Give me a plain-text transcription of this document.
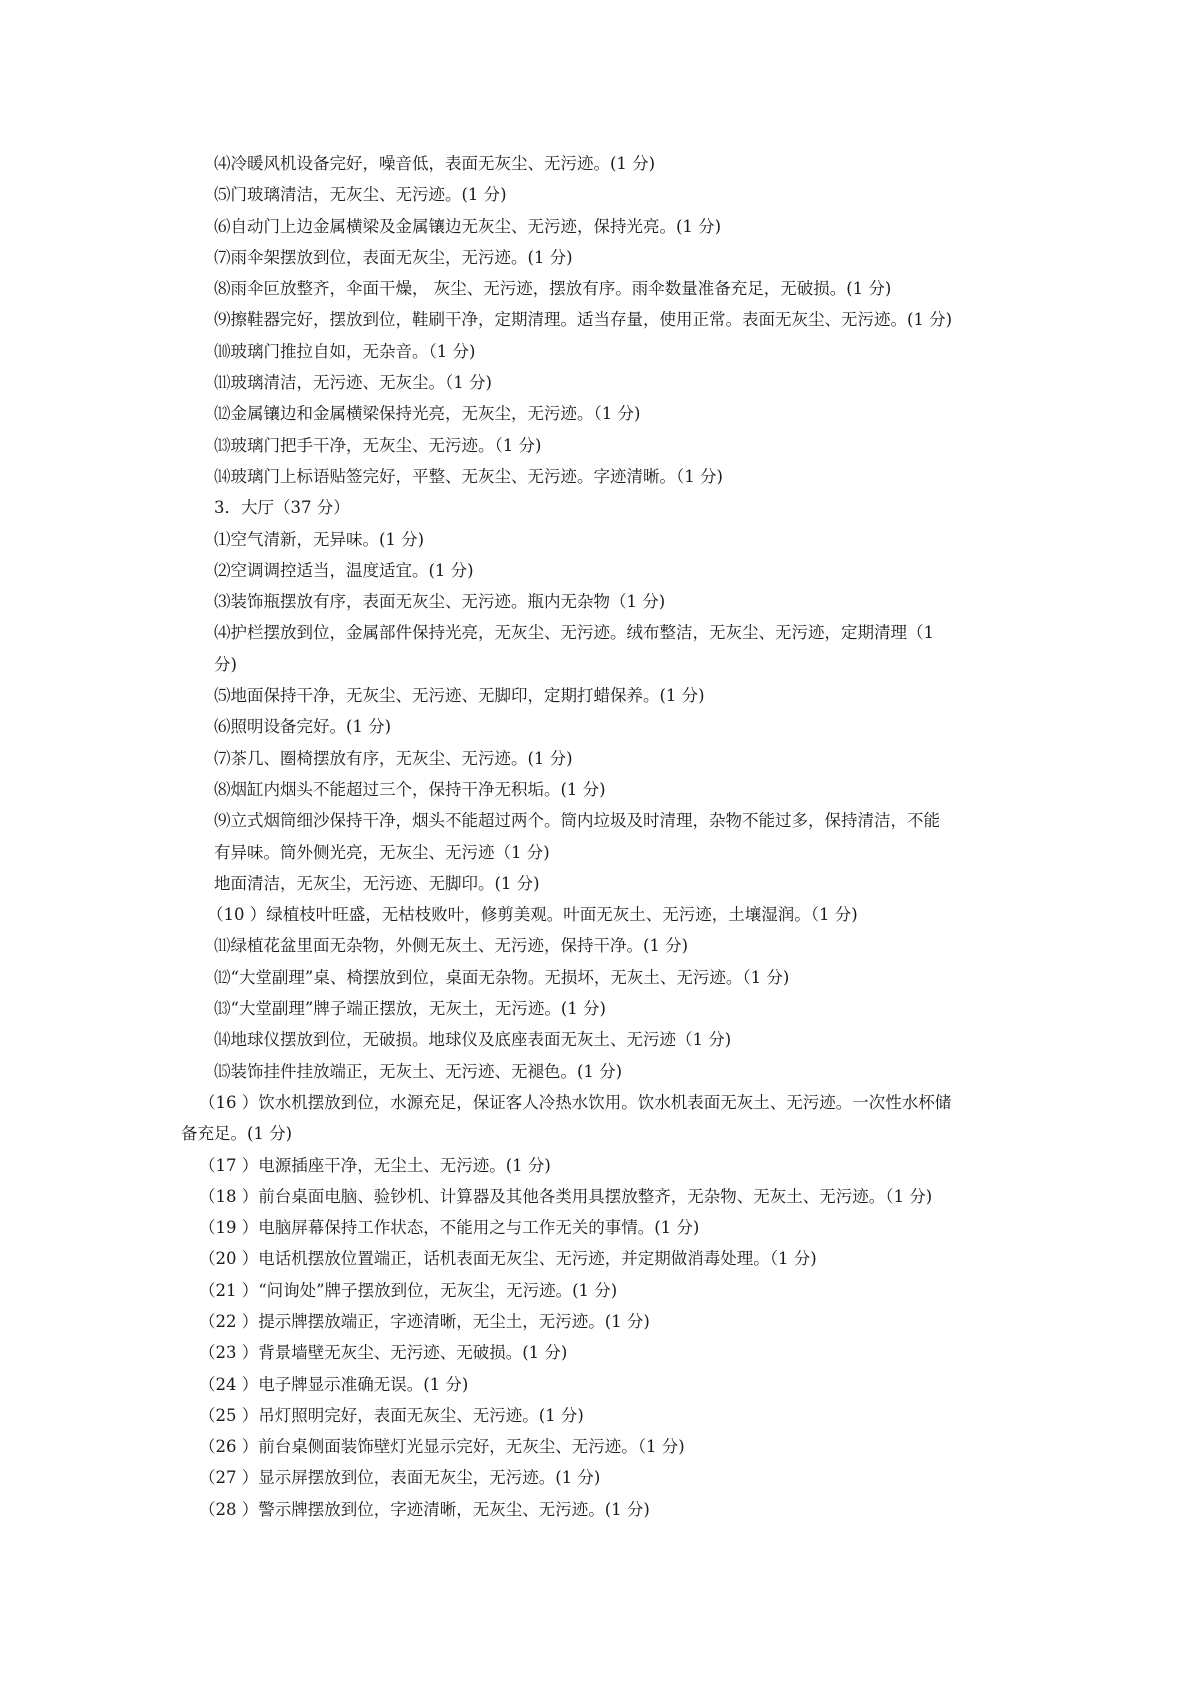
⑷冷暖风机设备完好，噪音低，表面无灰尘、无污迹。(1 分)
⑸门玻璃清洁，无灰尘、无污迹。(1 分)
⑹自动门上边金属横梁及金属镶边无灰尘、无污迹，保持光亮。(1 分)
⑺雨伞架摆放到位，表面无灰尘，无污迹。(1 分)
⑻雨伞叵放整齐，伞面干燥， 灰尘、无污迹，摆放有序。雨伞数量准备充足，无破损。(1 分)
⑼擦鞋器完好，摆放到位，鞋刷干净，定期清理。适当存量，使用正常。表面无灰尘、无污迹。(1 分)
⑽玻璃门推拉自如，无杂音。（1 分)
⑾玻璃清洁，无污迹、无灰尘。（1 分)
⑿金属镶边和金属横梁保持光亮，无灰尘，无污迹。（1 分)
⒀玻璃门把手干净，无灰尘、无污迹。（1 分)
⒁玻璃门上标语贴签完好，平整、无灰尘、无污迹。字迹清晰。（1 分)
3．大厅（37 分）
⑴空气清新，无异味。(1 分)
⑵空调调控适当，温度适宜。(1 分)
⑶装饰瓶摆放有序，表面无灰尘、无污迹。瓶内无杂物（1 分)
⑷护栏摆放到位，金属部件保持光亮，无灰尘、无污迹。绒布整洁，无灰尘、无污迹，定期清理（1
分)
⑸地面保持干净，无灰尘、无污迹、无脚印，定期打蜡保养。(1 分)
⑹照明设备完好。(1 分)
⑺茶几、圈椅摆放有序，无灰尘、无污迹。(1 分)
⑻烟缸内烟头不能超过三个，保持干净无积垢。(1 分)
⑼立式烟筒细沙保持干净，烟头不能超过两个。筒内垃圾及时清理，杂物不能过多，保持清洁，不能
有异味。筒外侧光亮，无灰尘、无污迹（1 分)
地面清洁，无灰尘，无污迹、无脚印。(1 分)
（10 ）绿植枝叶旺盛，无枯枝败叶，修剪美观。叶面无灰土、无污迹，土壤湿润。（1 分)
⑾绿植花盆里面无杂物，外侧无灰土、无污迹，保持干净。(1 分)
⑿“大堂副理”桌、椅摆放到位，桌面无杂物。无损坏，无灰土、无污迹。（1 分)
⒀“大堂副理”牌子端正摆放，无灰土，无污迹。(1 分)
⒁地球仪摆放到位，无破损。地球仪及底座表面无灰土、无污迹（1 分)
⒂装饰挂件挂放端正，无灰土、无污迹、无褪色。(1 分)
（16 ）饮水机摆放到位，水源充足，保证客人冷热水饮用。饮水机表面无灰土、无污迹。一次性水杯储
备充足。(1 分)
（17 ）电源插座干净，无尘土、无污迹。(1 分)
（18 ）前台桌面电脑、验钞机、计算器及其他各类用具摆放整齐，无杂物、无灰土、无污迹。（1 分)
（19 ）电脑屏幕保持工作状态，不能用之与工作无关的事情。(1 分)
（20 ）电话机摆放位置端正，话机表面无灰尘、无污迹，并定期做消毒处理。（1 分)
（21 ）“问询处”牌子摆放到位，无灰尘，无污迹。(1 分)
（22 ）提示牌摆放端正，字迹清晰，无尘土，无污迹。(1 分)
（23 ）背景墙壁无灰尘、无污迹、无破损。(1 分)
（24 ）电子牌显示准确无误。(1 分)
（25 ）吊灯照明完好，表面无灰尘、无污迹。(1 分)
（26 ）前台桌侧面装饰壁灯光显示完好，无灰尘、无污迹。（1 分)
（27 ）显示屏摆放到位，表面无灰尘，无污迹。(1 分)
（28 ）警示牌摆放到位，字迹清晰，无灰尘、无污迹。(1 分)
